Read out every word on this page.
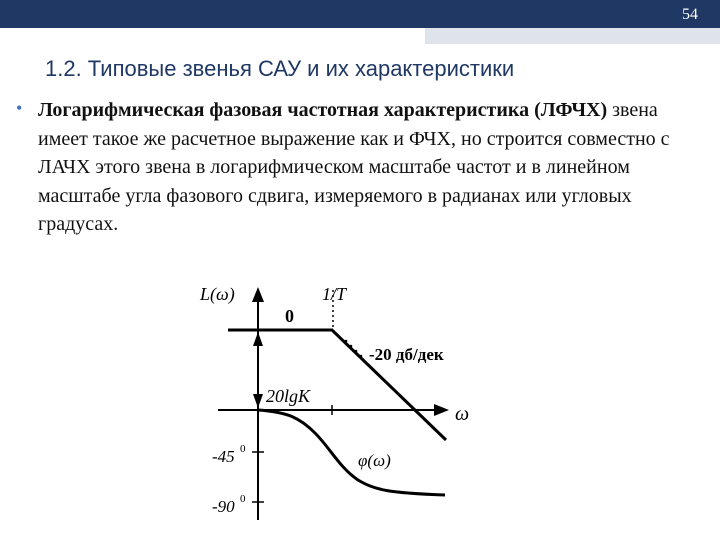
54
1.2. Типовые звенья САУ и их характеристики
• Логарифмическая фазовая частотная характеристика (ЛФЧХ) звена имеет такое же расчетное выражение как и ФЧХ, но строится совместно с ЛАЧХ этого звена в логарифмическом масштабе частот и в линейном масштабе угла фазового сдвига, измеряемого в радианах или угловых градусах.

L(ω)	1/T
0
-20 дб/дек
20lgK
ω
φ(ω)
-45 0
-90 0
